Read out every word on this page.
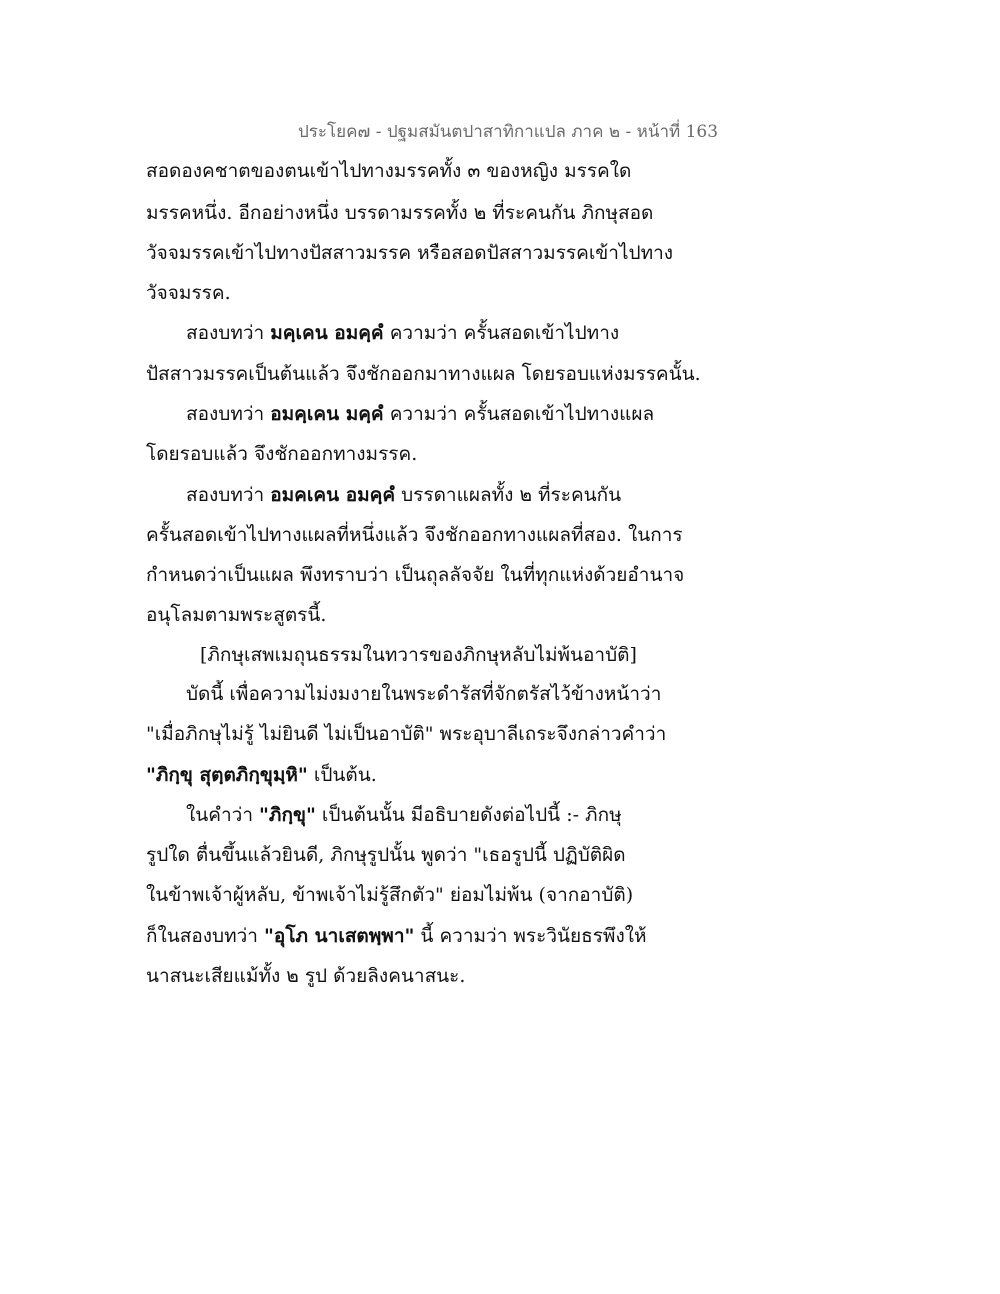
ประโยค๗ - ปฐมสมันตปาสาทิกาแปล ภาค ๒ - หน้าที่ 163
สอดองคชาตของตนเข้าไปทางมรรคทั้ง ๓ ของหญิง มรรคใด
มรรคหนึ่ง. อีกอย่างหนึ่ง บรรดามรรคทั้ง ๒ ที่ระคนกัน ภิกษุสอด
วัจจมรรคเข้าไปทางปัสสาวมรรค หรือสอดปัสสาวมรรคเข้าไปทาง
วัจจมรรค.
สองบทว่า มคฺเคน อมคฺคํ ความว่า ครั้นสอดเข้าไปทาง
ปัสสาวมรรคเป็นต้นแล้ว จึงชักออกมาทางแผล โดยรอบแห่งมรรคนั้น.
สองบทว่า อมคฺเคน มคฺคํ ความว่า ครั้นสอดเข้าไปทางแผล
โดยรอบแล้ว จึงชักออกทางมรรค.
สองบทว่า อมคเคน อมคฺคํ บรรดาแผลทั้ง ๒ ที่ระคนกัน
ครั้นสอดเข้าไปทางแผลที่หนึ่งแล้ว จึงชักออกทางแผลที่สอง. ในการ
กำหนดว่าเป็นแผล พึงทราบว่า เป็นถุลลัจจัย ในที่ทุกแห่งด้วยอำนาจ
อนุโลมตามพระสูตรนี้.
[ภิกษุเสพเมถุนธรรมในทวารของภิกษุหลับไม่พ้นอาบัติ]
บัดนี้ เพื่อความไม่งมงายในพระดำรัสที่จักตรัสไว้ข้างหน้าว่า
"เมื่อภิกษุไม่รู้ ไม่ยินดี ไม่เป็นอาบัติ" พระอุบาลีเถระจึงกล่าวคำว่า
"ภิกฺขุ สุตฺตภิกฺขุมฺหิ" เป็นต้น.
ในคำว่า "ภิกฺขุ" เป็นต้นนั้น มีอธิบายดังต่อไปนี้ :- ภิกษุ
รูปใด ตื่นขึ้นแล้วยินดี, ภิกษุรูปนั้น พูดว่า "เธอรูปนี้ ปฏิบัติผิด
ในข้าพเจ้าผู้หลับ, ข้าพเจ้าไม่รู้สึกตัว" ย่อมไม่พ้น (จากอาบัติ)
ก็ในสองบทว่า "อุโภ นาเสตพฺพา" นี้ ความว่า พระวินัยธรพึงให้
นาสนะเสียแม้ทั้ง ๒ รูป ด้วยลิงคนาสนะ.
